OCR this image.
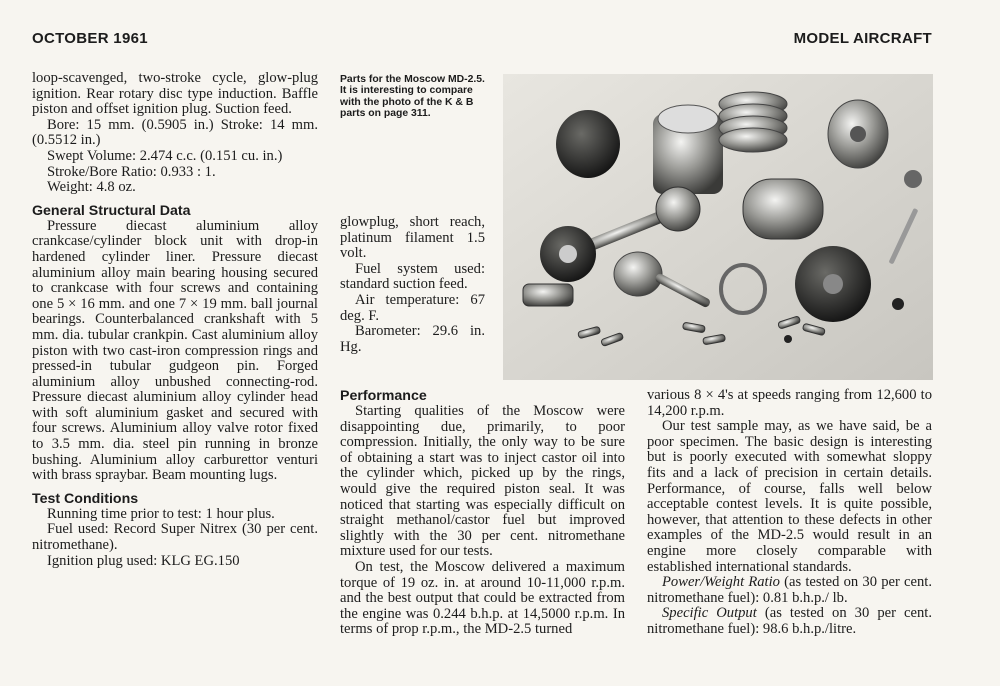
OCTOBER 1961	MODEL AIRCRAFT

loop-scavenged, two-stroke cycle, glow-plug ignition. Rear rotary disc type induction. Baffle piston and offset ignition plug. Suction feed.

Bore: 15 mm. (0.5905 in.) Stroke: 14 mm. (0.5512 in.)

Swept Volume: 2.474 c.c. (0.151 cu. in.)

Stroke/Bore Ratio: 0.933 : 1.

Weight: 4.8 oz.

General Structural Data

Pressure diecast aluminium alloy crankcase/cylinder block unit with drop-in hardened cylinder liner. Pressure diecast aluminium alloy main bearing housing secured to crankcase with four screws and containing one 5 × 16 mm. and one 7 × 19 mm. ball journal bearings. Counterbalanced crankshaft with 5 mm. dia. tubular crankpin. Cast aluminium alloy piston with two cast-iron compression rings and pressed-in tubular gudgeon pin. Forged aluminium alloy unbushed connecting-rod. Pressure diecast aluminium alloy cylinder head with soft aluminium gasket and secured with four screws. Aluminium alloy valve rotor fixed to 3.5 mm. dia. steel pin running in bronze bushing. Aluminium alloy carburettor venturi with brass spraybar. Beam mounting lugs.

Test Conditions

Running time prior to test: 1 hour plus.

Fuel used: Record Super Nitrex (30 per cent. nitromethane).

Ignition plug used: KLG EG.150

Parts for the Moscow MD-2.5. It is interesting to compare with the photo of the K & B parts on page 311.

glowplug, short reach, platinum filament 1.5 volt.

Fuel system used: standard suction feed.

Air temperature: 67 deg. F.

Barometer: 29.6 in. Hg.

Performance

Starting qualities of the Moscow were disappointing due, primarily, to poor compression. Initially, the only way to be sure of obtaining a start was to inject castor oil into the cylinder which, picked up by the rings, would give the required piston seal. It was noticed that starting was especially difficult on straight methanol/castor fuel but improved slightly with the 30 per cent. nitromethane mixture used for our tests.

On test, the Moscow delivered a maximum torque of 19 oz. in. at around 10-11,000 r.p.m. and the best output that could be extracted from the engine was 0.244 b.h.p. at 14,5000 r.p.m. In terms of prop r.p.m., the MD-2.5 turned

various 8 × 4's at speeds ranging from 12,600 to 14,200 r.p.m.

Our test sample may, as we have said, be a poor specimen. The basic design is interesting but is poorly executed with somewhat sloppy fits and a lack of precision in certain details. Performance, of course, falls well below acceptable contest levels. It is quite possible, however, that attention to these defects in other examples of the MD-2.5 would result in an engine more closely comparable with established international standards.

Power/Weight Ratio (as tested on 30 per cent. nitromethane fuel): 0.81 b.h.p./ lb.

Specific Output (as tested on 30 per cent. nitromethane fuel): 98.6 b.h.p./litre.
